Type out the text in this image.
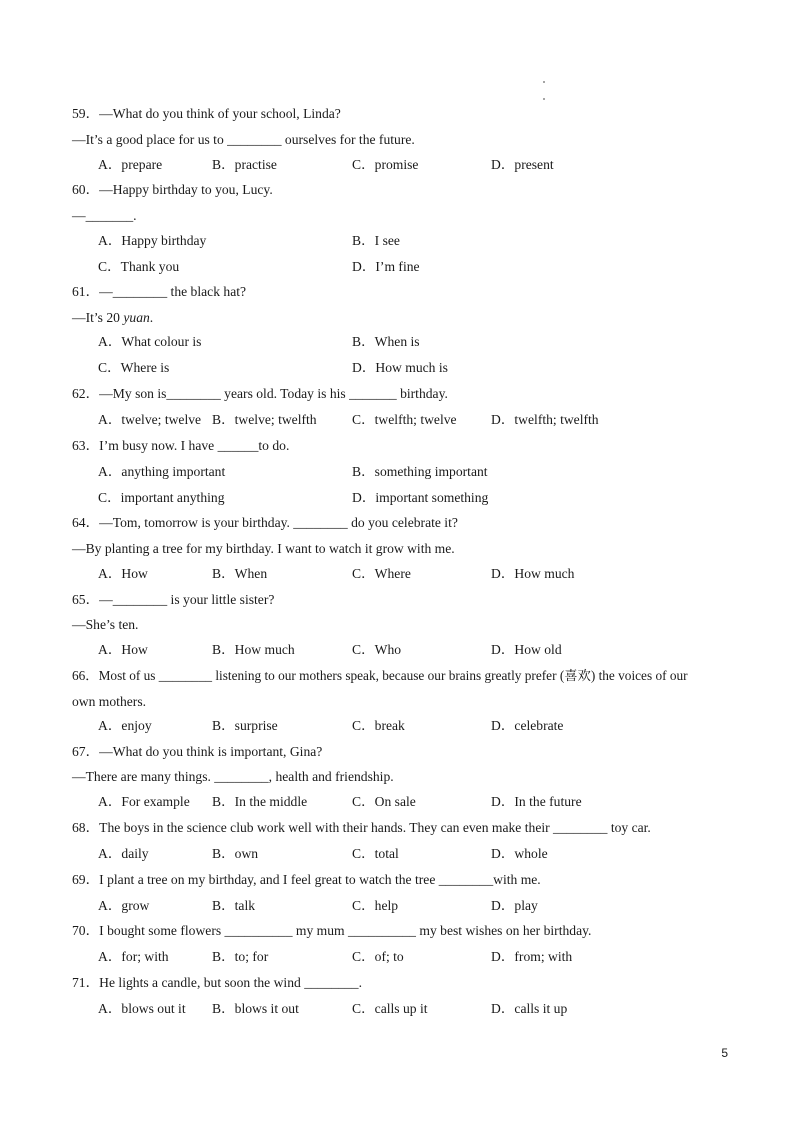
59．—What do you think of your school, Linda?
—It’s a good place for us to ________ ourselves for the future.
A．prepare	B．practise	C．promise	D．present
60．—Happy birthday to you, Lucy.
—_______.
A．Happy birthday	B．I see
C．Thank you	D．I’m fine
61．—________ the black hat?
—It’s 20 yuan.
A．What colour is	B．When is
C．Where is	D．How much is
62．—My son is________ years old. Today is his _______ birthday.
A．twelve; twelve B．twelve; twelfth	C．twelfth; twelve	D．twelfth; twelfth
63．I’m busy now. I have ______to do.
A．anything important	B．something important
C．important anything	D．important something
64．—Tom, tomorrow is your birthday. ________ do you celebrate it?
—By planting a tree for my birthday. I want to watch it grow with me.
A．How	B．When	C．Where	D．How much
65．—________ is your little sister?
—She’s ten.
A．How	B．How much	C．Who	D．How old
66．Most of us ________ listening to our mothers speak, because our brains greatly prefer (喜欢) the voices of our
own mothers.
A．enjoy	B．surprise	C．break	D．celebrate
67．—What do you think is important, Gina?
—There are many things. ________, health and friendship.
A．For example B．In the middle	C．On sale	D．In the future
68．The boys in the science club work well with their hands. They can even make their ________ toy car.
A．daily	B．own	C．total	D．whole
69．I plant a tree on my birthday, and I feel great to watch the tree ________with me.
A．grow	B．talk	C．help	D．play
70．I bought some flowers __________ my mum __________ my best wishes on her birthday.
A．for; with	B．to; for	C．of; to	D．from; with
71．He lights a candle, but soon the wind ________.
A．blows out it B．blows it out	C．calls up it	D．calls it up
5
